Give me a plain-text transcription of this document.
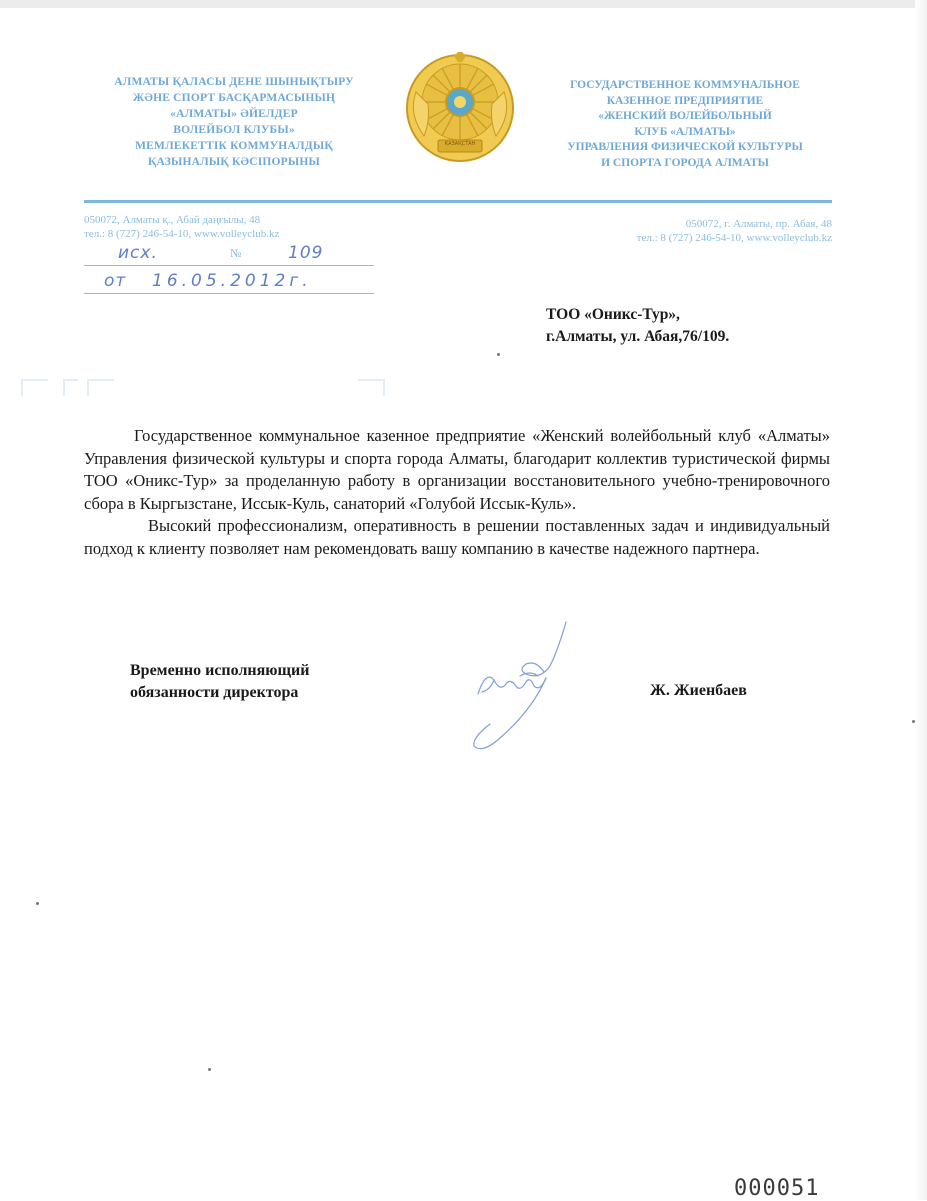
АЛМАТЫ ҚАЛАСЫ ДЕНЕ ШЫНЫҚТЫРУ
ЖӘНЕ СПОРТ БАСҚАРМАСЫНЫҢ
«АЛМАТЫ» ӘЙЕЛДЕР
ВОЛЕЙБОЛ КЛУБЫ»
МЕМЛЕКЕТТІК КОММУНАЛДЫҚ
ҚАЗЫНАЛЫҚ КӘСІПОРЫНЫ
ҚАЗАҚСТАН
ГОСУДАРСТВЕННОЕ КОММУНАЛЬНОЕ
КАЗЕННОЕ ПРЕДПРИЯТИЕ
«ЖЕНСКИЙ ВОЛЕЙБОЛЬНЫЙ
КЛУБ «АЛМАТЫ»
УПРАВЛЕНИЯ ФИЗИЧЕСКОЙ КУЛЬТУРЫ
И СПОРТА ГОРОДА АЛМАТЫ
050072, Алматы қ., Абай даңғылы, 48
тел.: 8 (727) 246-54-10, www.volleyclub.kz
050072, г. Алматы, пр. Абая, 48
тел.: 8 (727) 246-54-10, www.volleyclub.kz
исх.	№	109
от 16.05.2012г.
ТОО «Оникс-Тур»,
г.Алматы, ул. Абая,76/109.

Государственное коммунальное казенное предприятие «Женский волейбольный клуб «Алматы» Управления физической культуры и спорта города Алматы, благодарит коллектив туристической фирмы ТОО «Оникс-Тур» за проделанную работу в организации восстановительного учебно-тренировочного сбора в Кыргызстане, Иссык-Куль, санаторий «Голубой Иссык-Куль».

Высокий профессионализм, оперативность в решении поставленных задач и индивидуальный подход к клиенту позволяет нам рекомендовать вашу компанию в качестве надежного партнера.

Временно исполняющий
обязанности директора	Ж. Жиенбаев
000051
